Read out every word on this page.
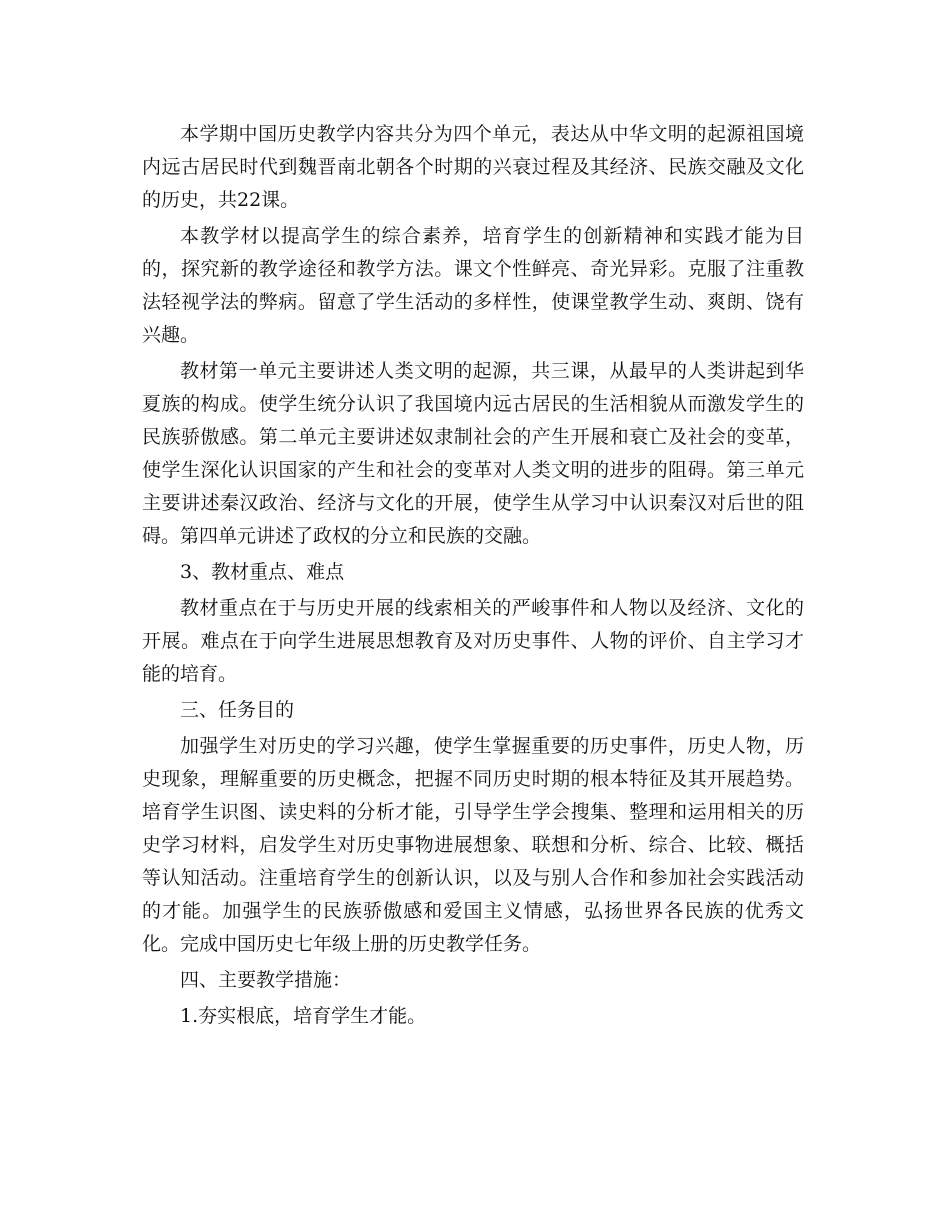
本学期中国历史教学内容共分为四个单元，表达从中华文明的起源祖国境内远古居民时代到魏晋南北朝各个时期的兴衰过程及其经济、民族交融及文化的历史，共22课。

本教学材以提高学生的综合素养，培育学生的创新精神和实践才能为目的，探究新的教学途径和教学方法。课文个性鲜亮、奇光异彩。克服了注重教法轻视学法的弊病。留意了学生活动的多样性，使课堂教学生动、爽朗、饶有兴趣。

教材第一单元主要讲述人类文明的起源，共三课，从最早的人类讲起到华夏族的构成。使学生统分认识了我国境内远古居民的生活相貌从而激发学生的民族骄傲感。第二单元主要讲述奴隶制社会的产生开展和衰亡及社会的变革，使学生深化认识国家的产生和社会的变革对人类文明的进步的阻碍。第三单元主要讲述秦汉政治、经济与文化的开展，使学生从学习中认识秦汉对后世的阻碍。第四单元讲述了政权的分立和民族的交融。

3、教材重点、难点

教材重点在于与历史开展的线索相关的严峻事件和人物以及经济、文化的开展。难点在于向学生进展思想教育及对历史事件、人物的评价、自主学习才能的培育。

三、任务目的

加强学生对历史的学习兴趣，使学生掌握重要的历史事件，历史人物，历史现象，理解重要的历史概念，把握不同历史时期的根本特征及其开展趋势。培育学生识图、读史料的分析才能，引导学生学会搜集、整理和运用相关的历史学习材料，启发学生对历史事物进展想象、联想和分析、综合、比较、概括等认知活动。注重培育学生的创新认识，以及与别人合作和参加社会实践活动的才能。加强学生的民族骄傲感和爱国主义情感，弘扬世界各民族的优秀文化。完成中国历史七年级上册的历史教学任务。

四、主要教学措施：

1.夯实根底，培育学生才能。
